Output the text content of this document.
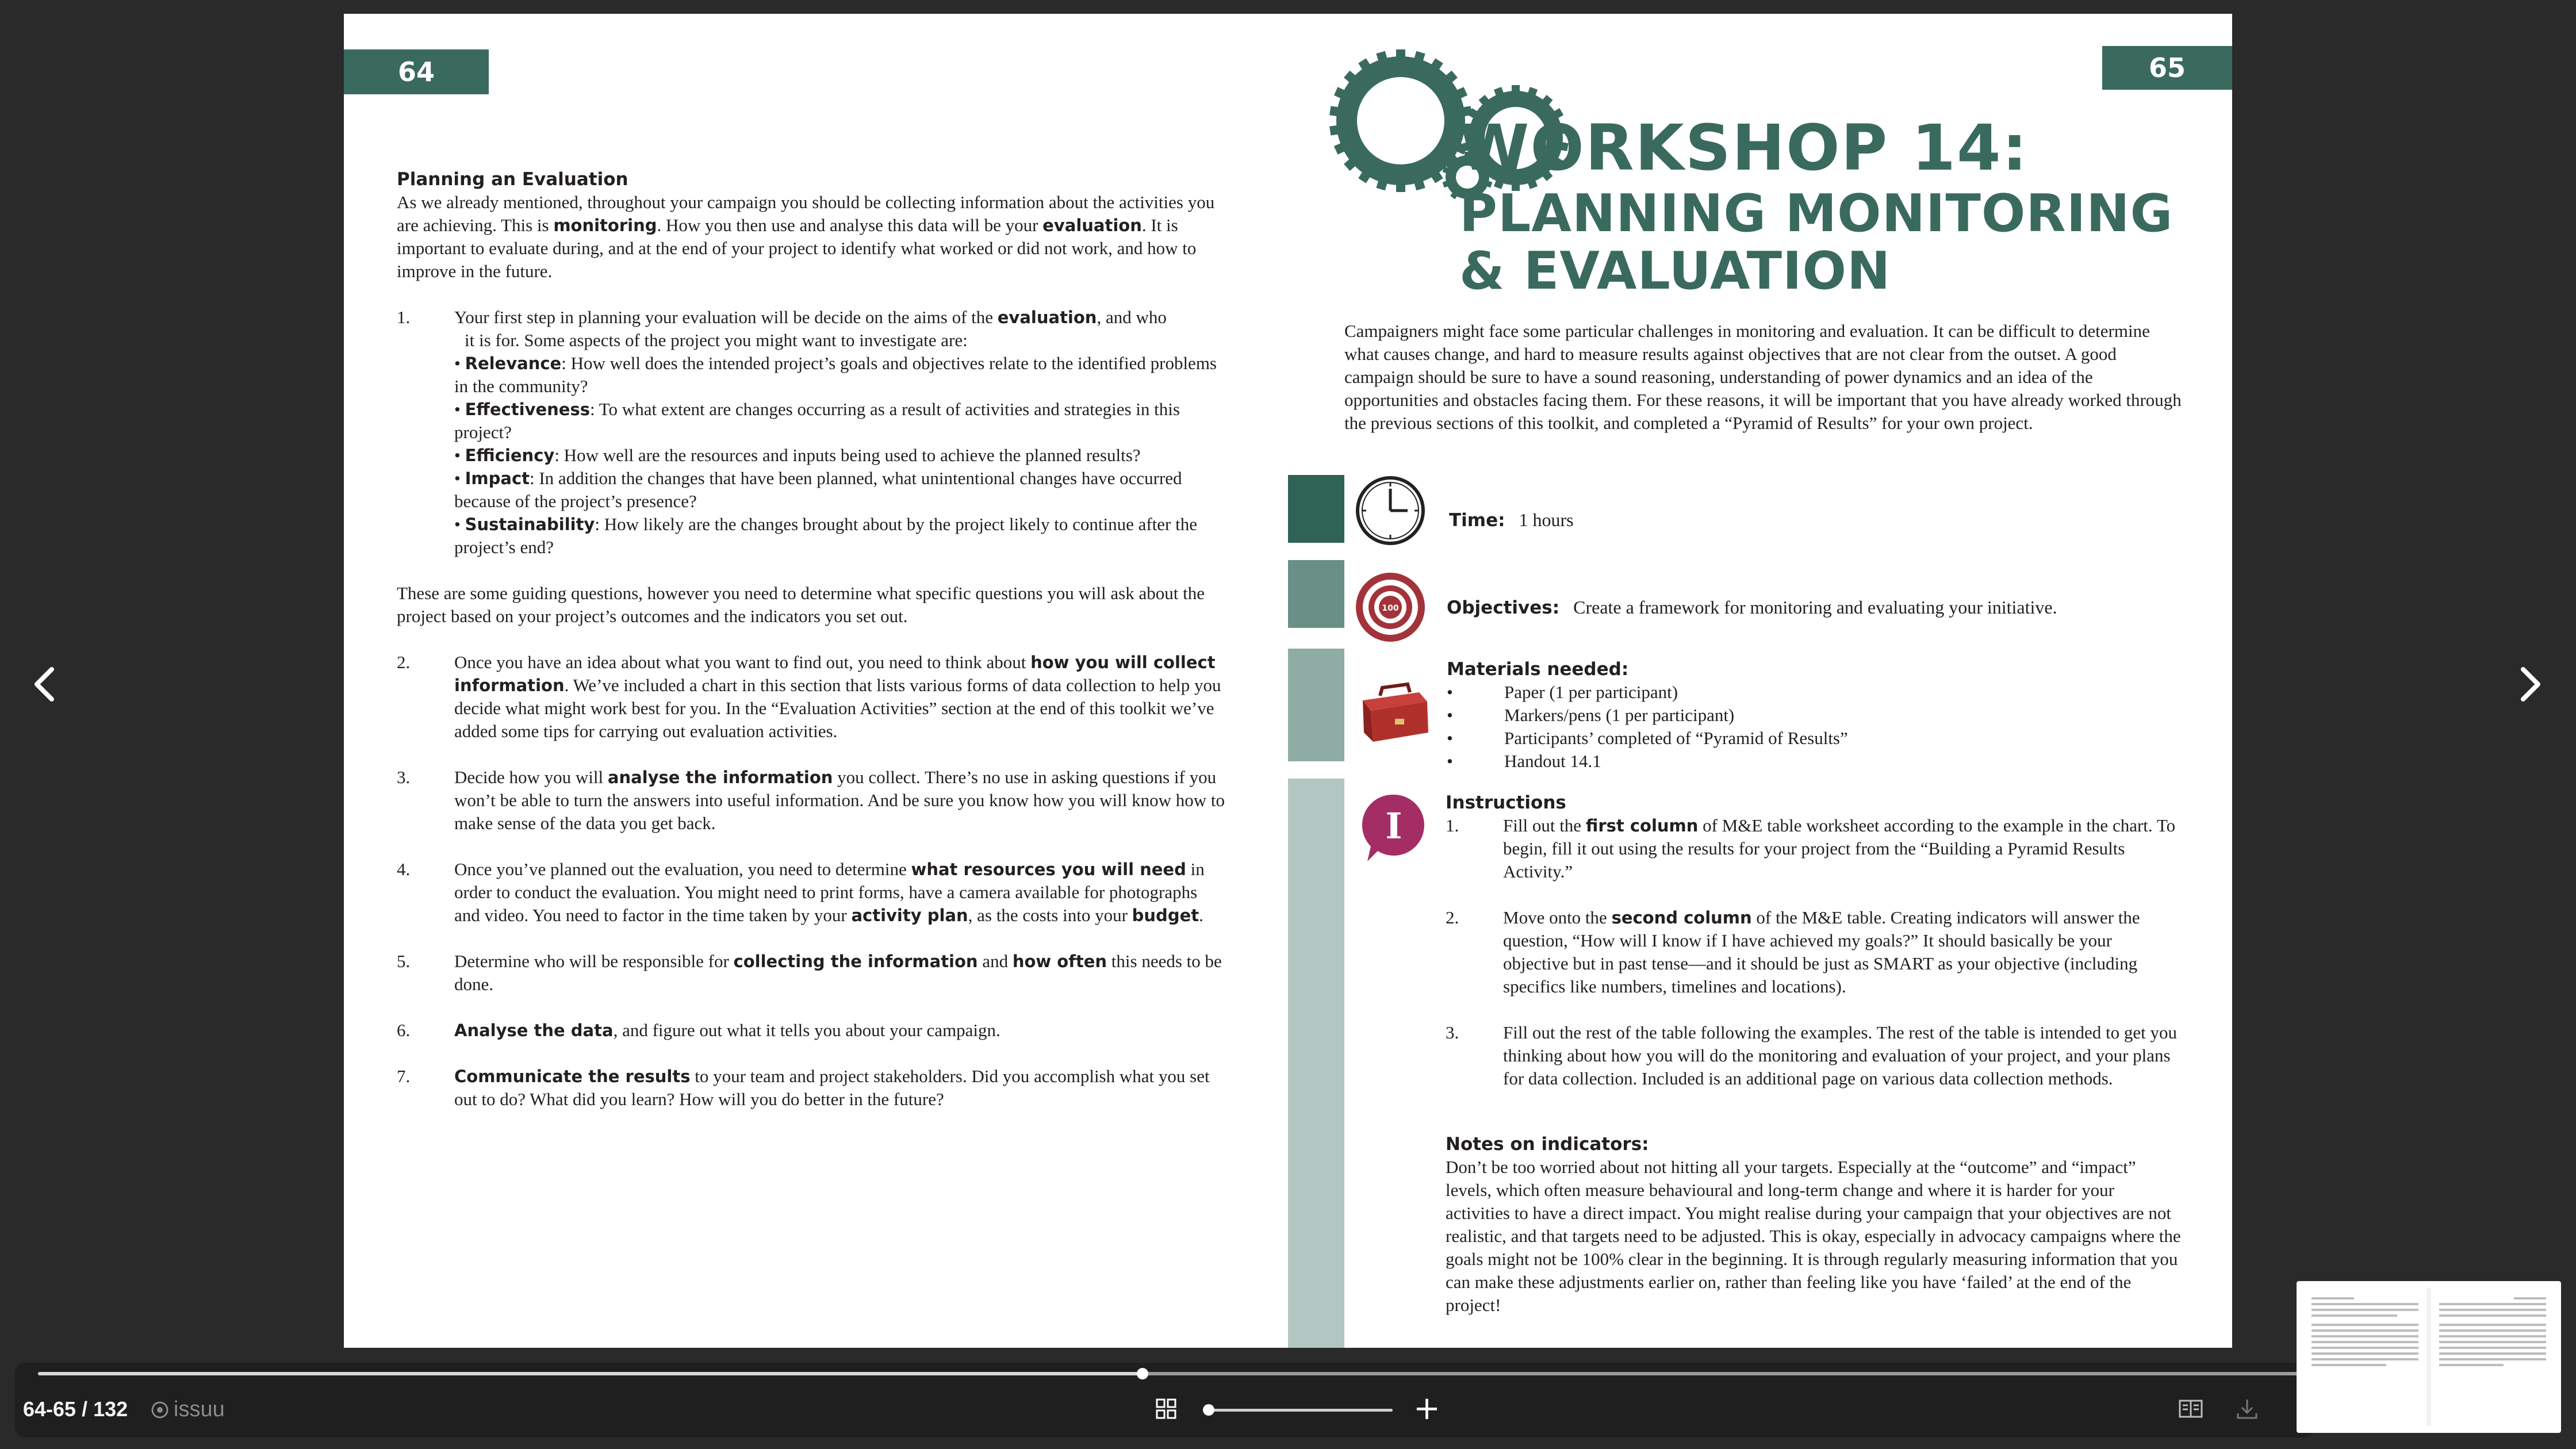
64

Planning an Evaluation

As we already mentioned, throughout your campaign you should be collecting information about the activities you are achieving. This is monitoring. How you then use and analyse this data will be your evaluation. It is important to evaluate during, and at the end of your project to identify what worked or did not work, and how to improve in the future.

1.	Your first step in planning your evaluation will be decide on the aims of the evaluation, and who
it is for. Some aspects of the project you might want to investigate are:
• Relevance: How well does the intended project’s goals and objectives relate to the identified problems in the community?
• Effectiveness: To what extent are changes occurring as a result of activities and strategies in this project?
• Efficiency: How well are the resources and inputs being used to achieve the planned results?
• Impact: In addition the changes that have been planned, what unintentional changes have occurred because of the project’s presence?
• Sustainability: How likely are the changes brought about by the project likely to continue after the project’s end?

These are some guiding questions, however you need to determine what specific questions you will ask about the project based on your project’s outcomes and the indicators you set out.

2.	Once you have an idea about what you want to find out, you need to think about how you will collect information. We’ve included a chart in this section that lists various forms of data collection to help you decide what might work best for you. In the “Evaluation Activities” section at the end of this toolkit we’ve added some tips for carrying out evaluation activities.
3.	Decide how you will analyse the information you collect. There’s no use in asking questions if you won’t be able to turn the answers into useful information. And be sure you know how you will know how to make sense of the data you get back.
4.	Once you’ve planned out the evaluation, you need to determine what resources you will need in order to conduct the evaluation. You might need to print forms, have a camera available for photographs and video. You need to factor in the time taken by your activity plan, as the costs into your budget.
5.	Determine who will be responsible for collecting the information and how often this needs to be done.
6.	Analyse the data, and figure out what it tells you about your campaign.
7.	Communicate the results to your team and project stakeholders. Did you accomplish what you set out to do? What did you learn? How will you do better in the future?
65
WORKSHOP 14:
PLANNING MONITORING
& EVALUATION

Campaigners might face some particular challenges in monitoring and evaluation. It can be difficult to determine what causes change, and hard to measure results against objectives that are not clear from the outset. A good campaign should be sure to have a sound reasoning, understanding of power dynamics and an idea of the opportunities and obstacles facing them. For these reasons, it will be important that you have already worked through the previous sections of this toolkit, and completed a “Pyramid of Results” for your own project.

Time: 1 hours
100	Objectives: Create a framework for monitoring and evaluating your initiative.
Materials needed:
•	Paper (1 per participant)
•	Markers/pens (1 per participant)
•	Participants’ completed of “Pyramid of Results”
•	Handout 14.1
I
Instructions
1.	Fill out the first column of M&E table worksheet according to the example in the chart. To begin, fill it out using the results for your project from the “Building a Pyramid Results Activity.”
2.	Move onto the second column of the M&E table. Creating indicators will answer the question, “How will I know if I have achieved my goals?” It should basically be your objective but in past tense—and it should be just as SMART as your objective (including specifics like numbers, timelines and locations).
3.	Fill out the rest of the table following the examples. The rest of the table is intended to get you thinking about how you will do the monitoring and evaluation of your project, and your plans for data collection. Included is an additional page on various data collection methods.
Notes on indicators:

Don’t be too worried about not hitting all your targets. Especially at the “outcome” and “impact” levels, which often measure behavioural and long-term change and where it is harder for your activities to have a direct impact. You might realise during your campaign that your objectives are not realistic, and that targets need to be adjusted. This is okay, especially in advocacy campaigns where the goals might not be 100% clear in the beginning. It is through regularly measuring information that you can make these adjustments earlier on, rather than feeling like you have ‘failed’ at the end of the project!

64-65 / 132 issuu	+
